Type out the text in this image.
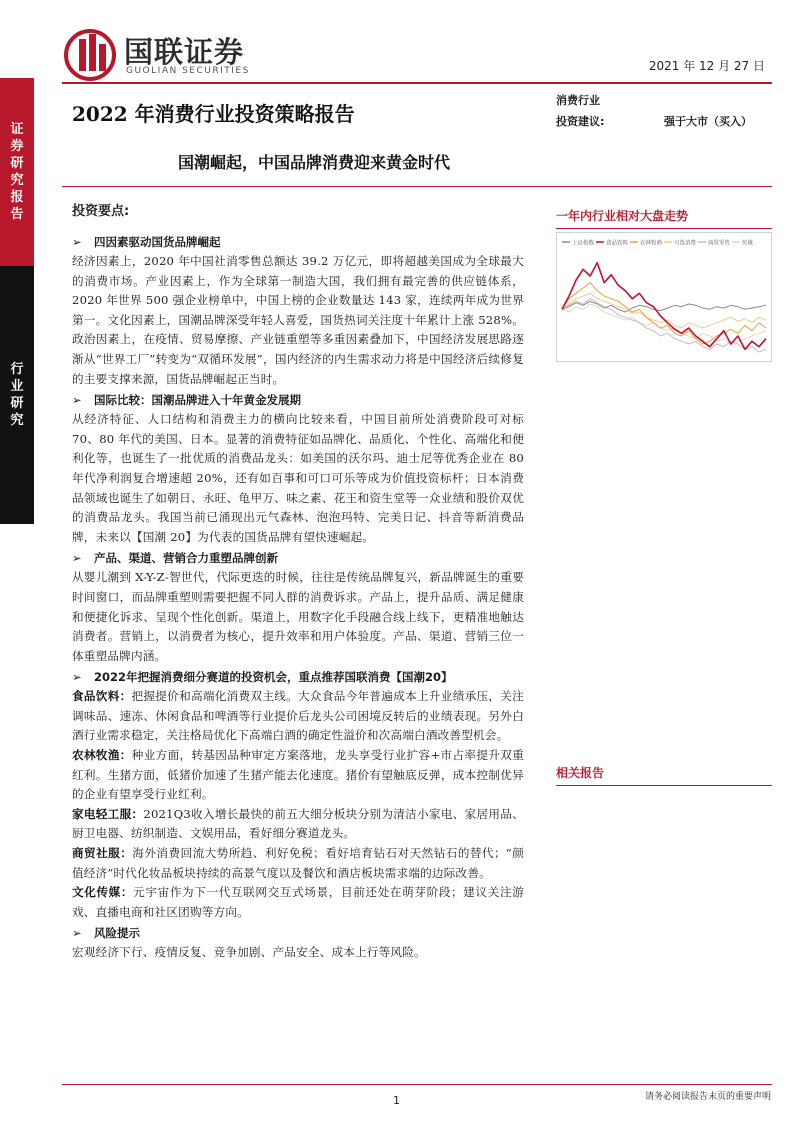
证
券
研
究
报
告
行
业
研
究
国联证券
GUOLIAN SECURITIES	2021 年 12 月 27 日
2022 年消费行业投资策略报告
国潮崛起，中国品牌消费迎来黄金时代
消费行业
投资建议:	强于大市（买入）
投资要点:
➢	四因素驱动国货品牌崛起
经济因素上，2020 年中国社消零售总额达 39.2 万亿元，即将超越美国成为全球最大的消费市场。产业因素上，作为全球第一制造大国，我们拥有最完善的供应链体系，2020 年世界 500 强企业榜单中，中国上榜的企业数量达 143 家，连续两年成为世界第一。文化因素上，国潮品牌深受年轻人喜爱，国货热词关注度十年累计上涨 528%。政治因素上，在疫情、贸易摩擦、产业链重塑等多重因素叠加下，中国经济发展思路逐渐从“世界工厂”转变为“双循环发展”，国内经济的内生需求动力将是中国经济后续修复的主要支撑来源，国货品牌崛起正当时。
➢	国际比较：国潮品牌进入十年黄金发展期
从经济特征、人口结构和消费主力的横向比较来看，中国目前所处消费阶段可对标 70、80 年代的美国、日本。显著的消费特征如品牌化、品质化、个性化、高端化和便利化等，也诞生了一批优质的消费品龙头：如美国的沃尔玛、迪士尼等优秀企业在 80 年代净利润复合增速超 20%，还有如百事和可口可乐等成为价值投资标杆；日本消费品领域也诞生了如朝日、永旺、龟甲万、味之素、花王和资生堂等一众业绩和股价双优的消费品龙头。我国当前已涌现出元气森林、泡泡玛特、完美日记、抖音等新消费品牌，未来以【国潮 20】为代表的国货品牌有望快速崛起。
➢	产品、渠道、营销合力重塑品牌创新
从婴儿潮到 X-Y-Z-智世代，代际更迭的时候，往往是传统品牌复兴，新品牌诞生的重要时间窗口，而品牌重塑则需要把握不同人群的消费诉求。产品上，提升品质、满足健康和便捷化诉求、呈现个性化创新。渠道上，用数字化手段融合线上线下，更精准地触达消费者。营销上，以消费者为核心，提升效率和用户体验度。产品、渠道、营销三位一体重塑品牌内涵。
➢	2022年把握消费细分赛道的投资机会，重点推荐国联消费【国潮20】
食品饮料：把握提价和高端化消费双主线。大众食品今年普遍成本上升业绩承压，关注调味品、速冻、休闲食品和啤酒等行业提价后龙头公司困境反转后的业绩表现。另外白酒行业需求稳定，关注格局优化下高端白酒的确定性溢价和次高端白酒改善型机会。
农林牧渔：种业方面，转基因品种审定方案落地，龙头享受行业扩容+市占率提升双重红利。生猪方面，低猪价加速了生猪产能去化速度。猪价有望触底反弹，成本控制优异的企业有望享受行业红利。
家电轻工服：2021Q3收入增长最快的前五大细分板块分别为清洁小家电、家居用品、厨卫电器、纺织制造、文娱用品，看好细分赛道龙头。
商贸社服：海外消费回流大势所趋、利好免税；看好培育钻石对天然钻石的替代；“颜值经济”时代化妆品板块持续的高景气度以及餐饮和酒店板块需求端的边际改善。
文化传媒：元宇宙作为下一代互联网交互式场景，目前还处在萌芽阶段；建议关注游戏、直播电商和社区团购等方向。
➢	风险提示
宏观经济下行、疫情反复、竞争加剧、产品安全、成本上行等风险。
一年内行业相对大盘走势
上证指数 食品饮料 农林牧渔 可选消费 商贸零售 传媒
相关报告
1	请务必阅读报告末页的重要声明
